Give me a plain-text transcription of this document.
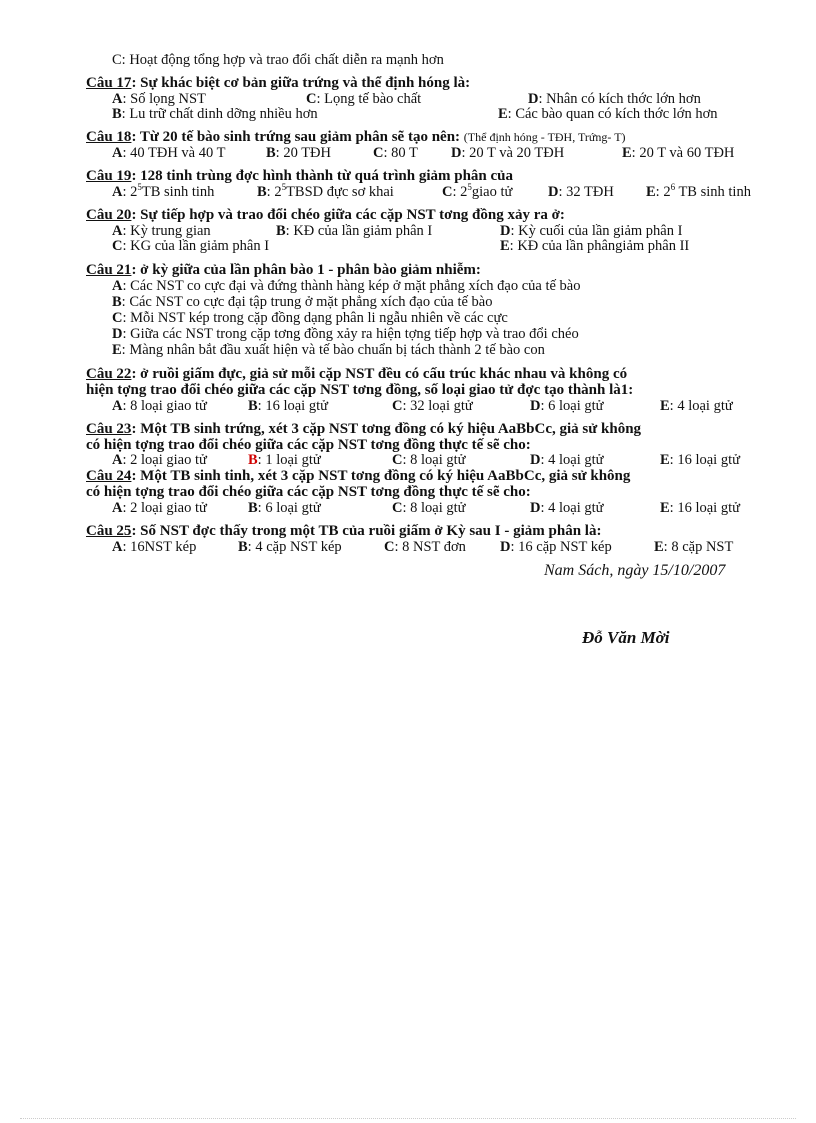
C: Hoạt động tổng hợp và trao đổi chất diễn ra mạnh hơn
Câu 17: Sự khác biệt cơ bản giữa trứng và thể định hóng là:
A: Số lọng NST	C: Lọng tế bào chất	D: Nhân có kích thớc lớn hơn
B: Lu trữ chất dinh dỡng nhiều hơn	E: Các bào quan có kích thớc lớn hơn
Câu 18: Từ 20 tế bào sinh trứng sau giảm phân sẽ tạo nên: (Thể định hóng - TĐH, Trứng- T)
A: 40 TĐH và 40 T	B: 20 TĐH	C: 80 T D: 20 T và 20 TĐH	E: 20 T và 60 TĐH
Câu 19: 128 tinh trùng đợc hình thành từ quá trình giảm phân của
A: $2^5TB$ sinh tinh	B: $2^5TBSD$ đực sơ khai	C: $2^5giao$ tử D: 32 TĐH E: $2^6$ TB sinh tinh
Câu 20: Sự tiếp hợp và trao đổi chéo giữa các cặp NST tơng đồng xảy ra ở:
A: Kỳ trung gian	B: KĐ của lần giảm phân I	D: Kỳ cuối của lần giảm phân I
C: KG của lần giảm phân I	E: KĐ của lần phângiảm phân II
Câu 21: ở kỳ giữa của lần phân bào 1 - phân bào giảm nhiễm:
A: Các NST co cực đại và đứng thành hàng kép ở mặt phẳng xích đạo của tế bào
B: Các NST co cực đại tập trung ở mặt phẳng xích đạo của tế bào
C: Mỗi NST kép trong cặp đồng dạng phân li ngẫu nhiên về các cực
D: Giữa các NST trong cặp tơng đồng xảy ra hiện tợng tiếp hợp và trao đổi chéo
E: Màng nhân bắt đầu xuất hiện và tế bào chuẩn bị tách thành 2 tế bào con
Câu 22: ở ruồi giấm đực, giả sử mỗi cặp NST đều có cấu trúc khác nhau và không có
hiện tợng trao đổi chéo giữa các cặp NST tơng đồng, số loại giao tử đợc tạo thành là1:
A: 8 loại giao tử	B: 16 loại gtử	C: 32 loại gtử	D: 6 loại gtử	E: 4 loại gtử
Câu 23: Một TB sinh trứng, xét 3 cặp NST tơng đồng có ký hiệu AaBbCc, giả sử không
có hiện tợng trao đổi chéo giữa các cặp NST tơng đồng thực tế sẽ cho:
A: 2 loại giao tử	B: 1 loại gtử	C: 8 loại gtử	D: 4 loại gtử	E: 16 loại gtử
Câu 24: Một TB sinh tinh, xét 3 cặp NST tơng đồng có ký hiệu AaBbCc, giả sử không
có hiện tợng trao đổi chéo giữa các cặp NST tơng đồng thực tế sẽ cho:
A: 2 loại giao tử	B: 6 loại gtử	C: 8 loại gtử	D: 4 loại gtử	E: 16 loại gtử
Câu 25: Số NST đợc thấy trong một TB của ruồi giấm ở Kỳ sau I - giảm phân là:
A: 16NST kép	B: 4 cặp NST kép	C: 8 NST đơn D: 16 cặp NST kép	E: 8 cặp NST
Nam Sách, ngày 15/10/2007
Đỗ Văn Mời
